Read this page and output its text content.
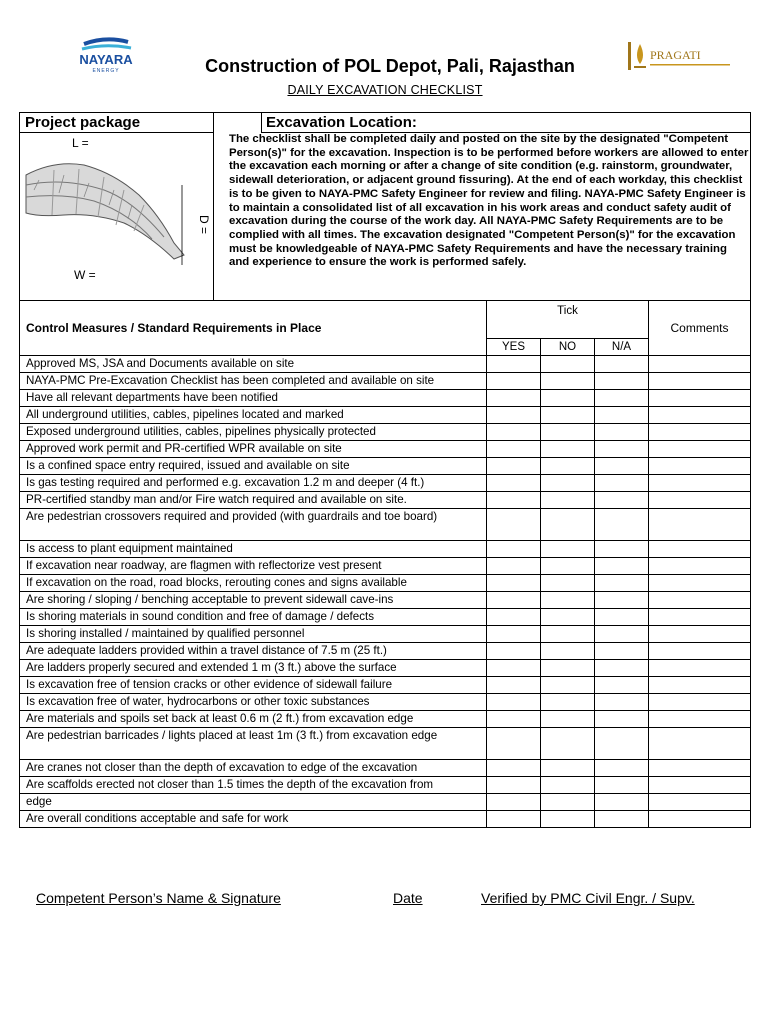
NAYARA
ENERGY
PRAGATI
Construction of POL Depot, Pali, Rajasthan
DAILY EXCAVATION CHECKLIST
Project package	Excavation Location:
L =
W =
D =
The checklist shall be completed daily and posted on the site by the designated "Competent Person(s)" for the excavation. Inspection is to be performed before workers are allowed to enter the excavation each morning or after a change of site condition (e.g. rainstorm, groundwater, sidewall deterioration, or adjacent ground fissuring). At the end of each workday, this checklist is to be given to NAYA-PMC Safety Engineer for review and filing. NAYA-PMC Safety Engineer is to maintain a consolidated list of all excavation in his work areas and conduct safety audit of excavation during the course of the work day. All NAYA-PMC Safety Requirements are to be complied with all times. The excavation designated "Competent Person(s)" for the excavation must be knowledgeable of NAYA-PMC Safety Requirements and have the necessary training and experience to ensure the work is performed safely.
Control Measures / Standard Requirements in Place	Tick			Comments
	YES	NO	N/A	
Approved MS, JSA and Documents available on site				
NAYA-PMC Pre-Excavation Checklist has been completed and available on site				
Have all relevant departments have been notified				
All underground utilities, cables, pipelines located and marked				
Exposed underground utilities, cables, pipelines physically protected				
Approved work permit and PR-certified WPR available on site				
Is a confined space entry required, issued and available on site				
Is gas testing required and performed e.g. excavation 1.2 m and deeper (4 ft.)				
PR-certified standby man and/or Fire watch required and available on site.				
Are pedestrian crossovers required and provided (with guardrails and toe board)				
Is access to plant equipment maintained				
If excavation near roadway, are flagmen with reflectorize vest present				
If excavation on the road, road blocks, rerouting cones and signs available				
Are shoring / sloping / benching acceptable to prevent sidewall cave-ins				
Is shoring materials in sound condition and free of damage / defects				
Is shoring installed / maintained by qualified personnel				
Are adequate ladders provided within a travel distance of 7.5 m (25 ft.)				
Are ladders properly secured and extended 1 m (3 ft.) above the surface				
Is excavation free of tension cracks or other evidence of sidewall failure				
Is excavation free of water, hydrocarbons or other toxic substances				
Are materials and spoils set back at least 0.6 m (2 ft.) from excavation edge				
Are pedestrian barricades / lights placed at least 1m (3 ft.) from excavation edge				
Are cranes not closer than the depth of excavation to edge of the excavation				
Are scaffolds erected not closer than 1.5 times the depth of the excavation from				
edge				
Are overall conditions acceptable and safe for work				
Competent Person’s Name & Signature	Date	Verified by PMC Civil Engr. / Supv.
